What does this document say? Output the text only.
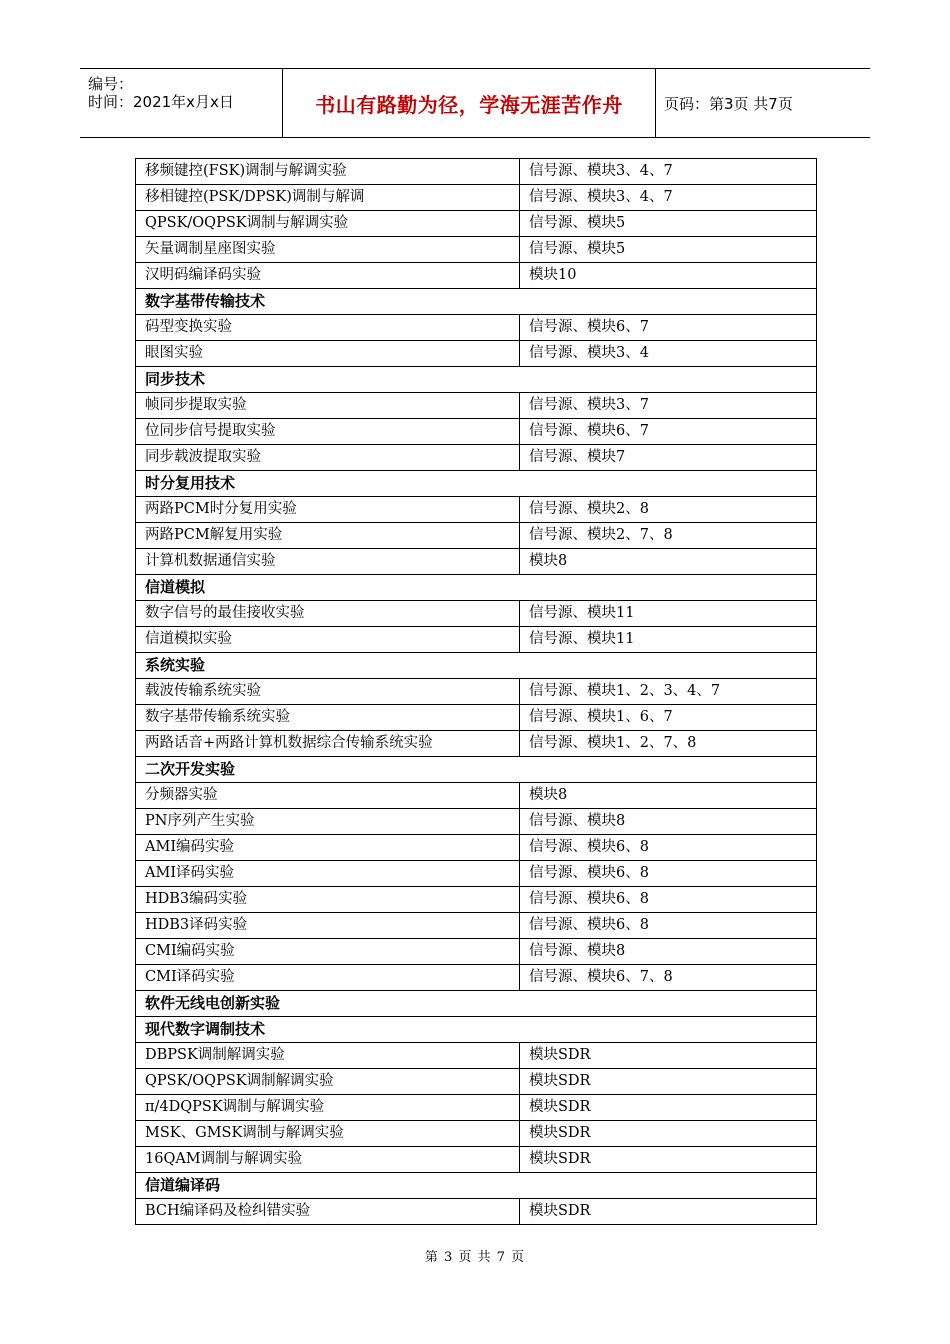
编号：
时间：2021年x月x日	书山有路勤为径，学海无涯苦作舟	页码：第3页 共7页
移频键控(FSK)调制与解调实验	信号源、模块3、4、7
移相键控(PSK/DPSK)调制与解调	信号源、模块3、4、7
QPSK/OQPSK调制与解调实验	信号源、模块5
矢量调制星座图实验	信号源、模块5
汉明码编译码实验	模块10
数字基带传输技术	
码型变换实验	信号源、模块6、7
眼图实验	信号源、模块3、4
同步技术	
帧同步提取实验	信号源、模块3、7
位同步信号提取实验	信号源、模块6、7
同步载波提取实验	信号源、模块7
时分复用技术	
两路PCM时分复用实验	信号源、模块2、8
两路PCM解复用实验	信号源、模块2、7、8
计算机数据通信实验	模块8
信道模拟	
数字信号的最佳接收实验	信号源、模块11
信道模拟实验	信号源、模块11
系统实验	
载波传输系统实验	信号源、模块1、2、3、4、7
数字基带传输系统实验	信号源、模块1、6、7
两路话音+两路计算机数据综合传输系统实验	信号源、模块1、2、7、8
二次开发实验	
分频器实验	模块8
PN序列产生实验	信号源、模块8
AMI编码实验	信号源、模块6、8
AMI译码实验	信号源、模块6、8
HDB3编码实验	信号源、模块6、8
HDB3译码实验	信号源、模块6、8
CMI编码实验	信号源、模块8
CMI译码实验	信号源、模块6、7、8
软件无线电创新实验	
现代数字调制技术	
DBPSK调制解调实验	模块SDR
QPSK/OQPSK调制解调实验	模块SDR
π/4DQPSK调制与解调实验	模块SDR
MSK、GMSK调制与解调实验	模块SDR
16QAM调制与解调实验	模块SDR
信道编译码	
BCH编译码及检纠错实验	模块SDR
第 3 页 共 7 页
